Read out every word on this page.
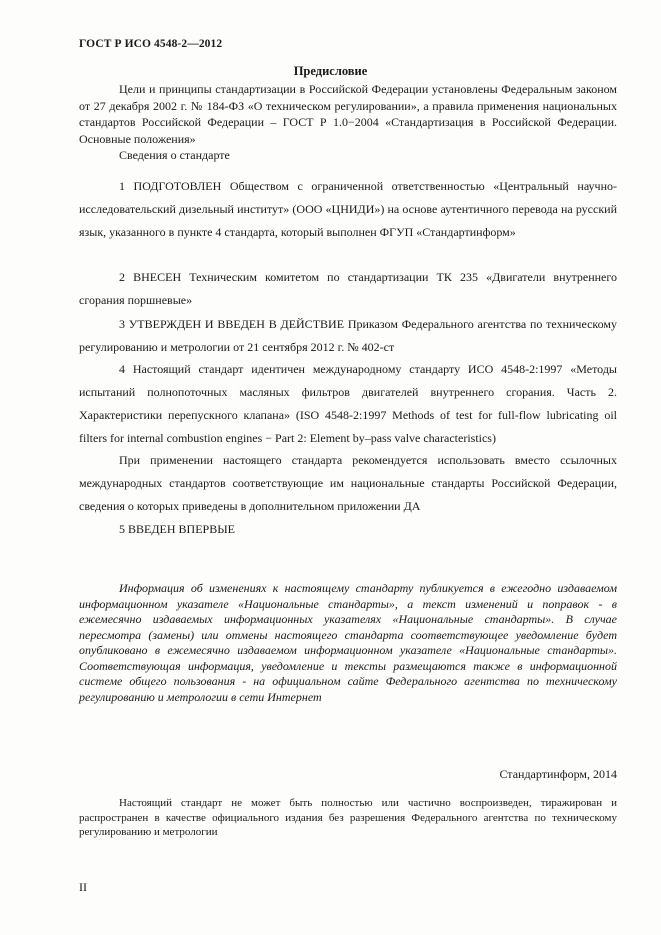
ГОСТ Р ИСО 4548-2—2012
Предисловие

Цели и принципы стандартизации в Российской Федерации установлены Федеральным законом от 27 декабря 2002 г. № 184-ФЗ «О техническом регулировании», а правила применения национальных стандартов Российской Федерации – ГОСТ Р 1.0−2004 «Стандартизация в Российской Федерации. Основные положения»

Сведения о стандарте

1 ПОДГОТОВЛЕН Обществом с ограниченной ответственностью «Центральный научно-исследовательский дизельный институт» (ООО «ЦНИДИ») на основе аутентичного перевода на русский язык, указанного в пункте 4 стандарта, который выполнен ФГУП «Стандартинформ»

2 ВНЕСЕН Техническим комитетом по стандартизации ТК 235 «Двигатели внутреннего сгорания поршневые»

3 УТВЕРЖДЕН И ВВЕДЕН В ДЕЙСТВИЕ Приказом Федерального агентства по техническому регулированию и метрологии от 21 сентября 2012 г. № 402-ст

4 Настоящий стандарт идентичен международному стандарту ИСО 4548-2:1997 «Методы испытаний полнопоточных масляных фильтров двигателей внутреннего сгорания. Часть 2. Характеристики перепускного клапана» (ISO 4548-2:1997 Methods of test for full-flow lubricating oil filters for internal combustion engines − Part 2: Element by–pass valve characteristics)

При применении настоящего стандарта рекомендуется использовать вместо ссылочных международных стандартов соответствующие им национальные стандарты Российской Федерации, сведения о которых приведены в дополнительном приложении ДА

5 ВВЕДЕН ВПЕРВЫЕ

Информация об изменениях к настоящему стандарту публикуется в ежегодно издаваемом информационном указателе «Национальные стандарты», а текст изменений и поправок - в ежемесячно издаваемых информационных указателях «Национальные стандарты». В случае пересмотра (замены) или отмены настоящего стандарта соответствующее уведомление будет опубликовано в ежемесячно издаваемом информационном указателе «Национальные стандарты». Соответствующая информация, уведомление и тексты размещаются также в информационной системе общего пользования - на официальном сайте Федерального агентства по техническому регулированию и метрологии в сети Интернет

Стандартинформ, 2014

Настоящий стандарт не может быть полностью или частично воспроизведен, тиражирован и распространен в качестве официального издания без разрешения Федерального агентства по техническому регулированию и метрологии

II
